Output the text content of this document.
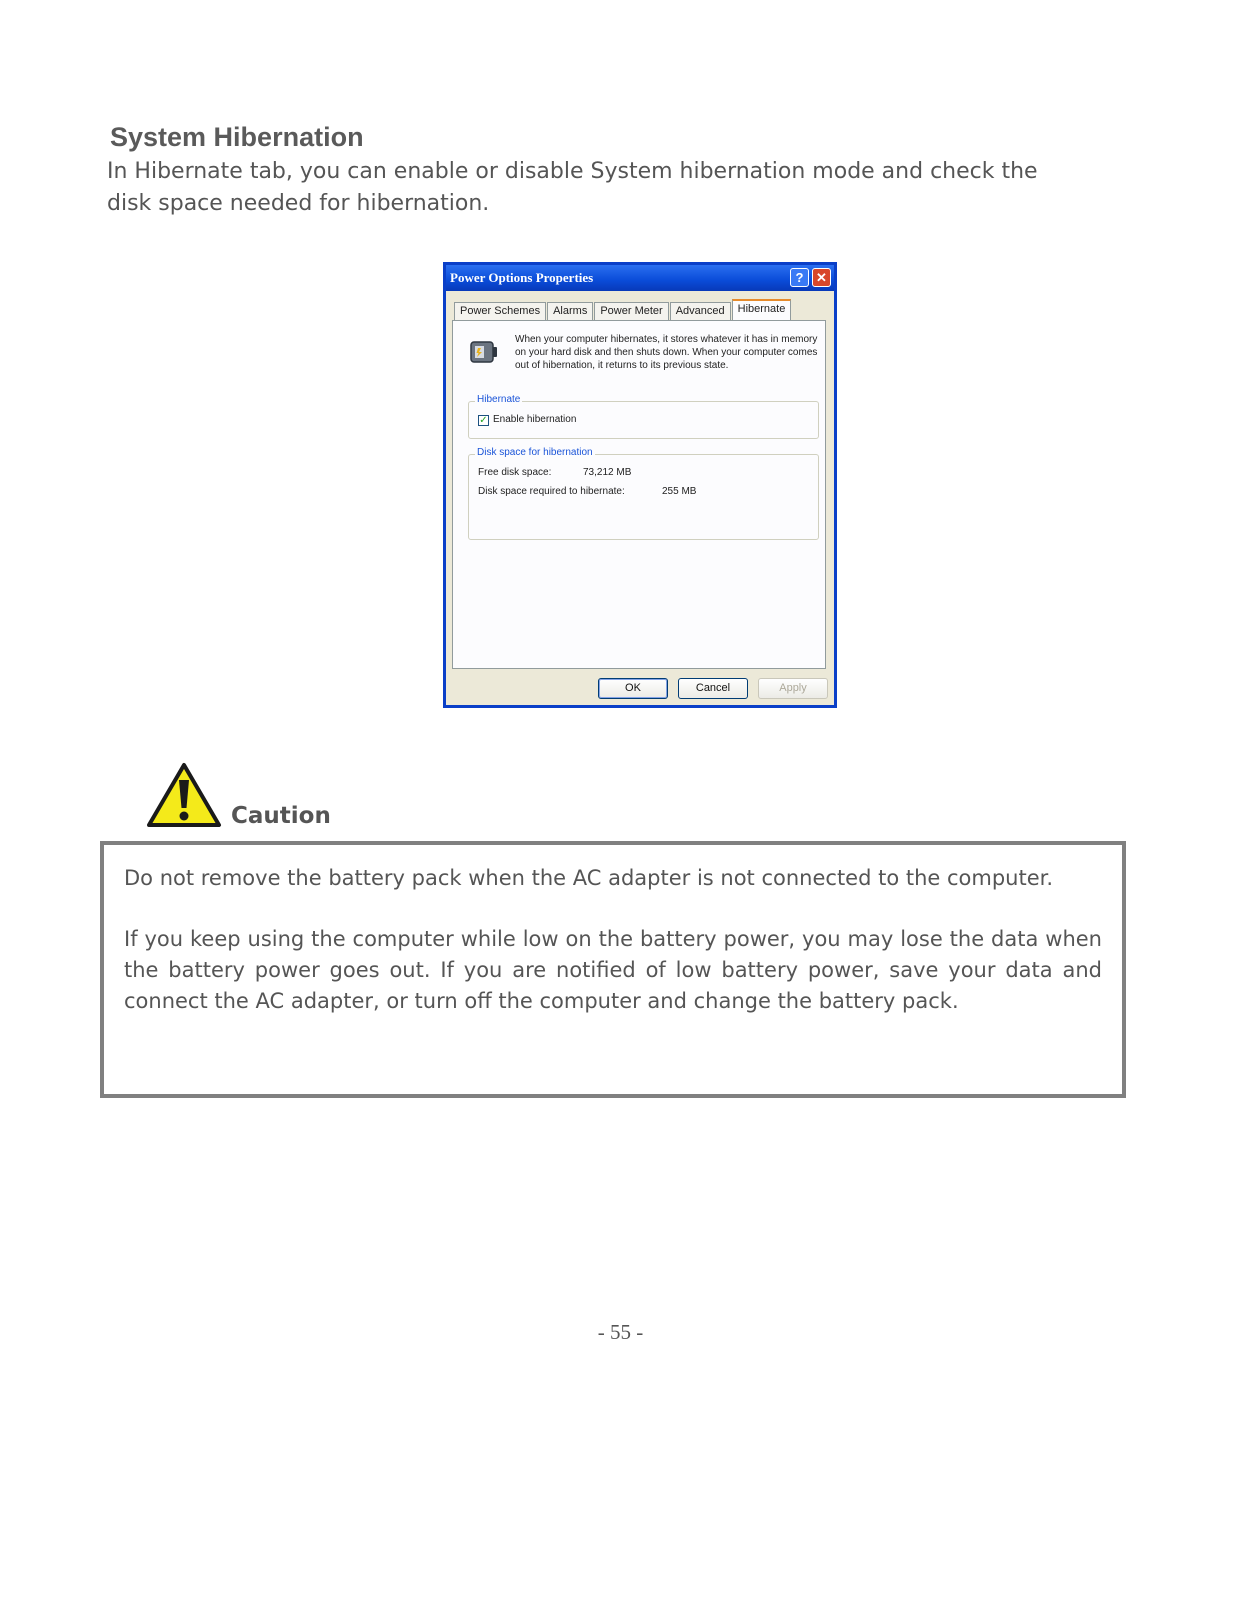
System Hibernation

In Hibernate tab, you can enable or disable System hibernation mode and check the disk space needed for hibernation.

Power Options Properties	? ✕
Power Schemes	Alarms	Power Meter	Advanced	Hibernate
When your computer hibernates, it stores whatever it has in memory on your hard disk and then shuts down. When your computer comes out of hibernation, it returns to its previous state.
Hibernate
✓ Enable hibernation
Disk space for hibernation
Free disk space:	73,212 MB
Disk space required to hibernate:	255 MB
OK	Cancel	Apply
Caution

Do not remove the battery pack when the AC adapter is not connected to the computer.

If you keep using the computer while low on the battery power, you may lose the data when the battery power goes out. If you are notified of low battery power, save your data and connect the AC adapter, or turn off the computer and change the battery pack.

- 55 -
